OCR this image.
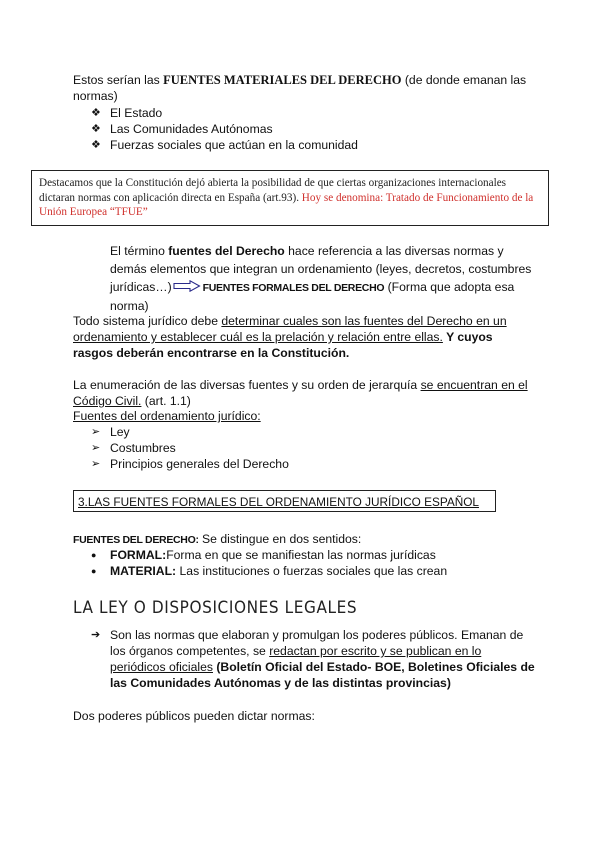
Estos serían las FUENTES MATERIALES DEL DERECHO (de donde emanan las normas)
❖ El Estado
❖ Las Comunidades Autónomas
❖ Fuerzas sociales que actúan en la comunidad
Destacamos que la Constitución dejó abierta la posibilidad de que ciertas organizaciones internacionales dictaran normas con aplicación directa en España (art.93). Hoy se denomina: Tratado de Funcionamiento de la Unión Europea “TFUE”
El término fuentes del Derecho hace referencia a las diversas normas y demás elementos que integran un ordenamiento (leyes, decretos, costumbres jurídicas…)	FUENTES FORMALES DEL DERECHO (Forma que adopta esa norma)
Todo sistema jurídico debe determinar cuales son las fuentes del Derecho en un ordenamiento y establecer cuál es la prelación y relación entre ellas. Y cuyos rasgos deberán encontrarse en la Constitución.
La enumeración de las diversas fuentes y su orden de jerarquía se encuentran en el Código Civil. (art. 1.1)
Fuentes del ordenamiento jurídico:
➢ Ley
➢ Costumbres
➢ Principios generales del Derecho
3.LAS FUENTES FORMALES DEL ORDENAMIENTO JURÍDICO ESPAÑOL
FUENTES DEL DERECHO: Se distingue en dos sentidos:
● FORMAL:Forma en que se manifiestan las normas jurídicas
● MATERIAL: Las instituciones o fuerzas sociales que las crean
LA LEY O DISPOSICIONES LEGALES
➔ Son las normas que elaboran y promulgan los poderes públicos. Emanan de los órganos competentes, se redactan por escrito y se publican en lo periódicos oficiales (Boletín Oficial del Estado- BOE, Boletines Oficiales de las Comunidades Autónomas y de las distintas provincias)
Dos poderes públicos pueden dictar normas:
